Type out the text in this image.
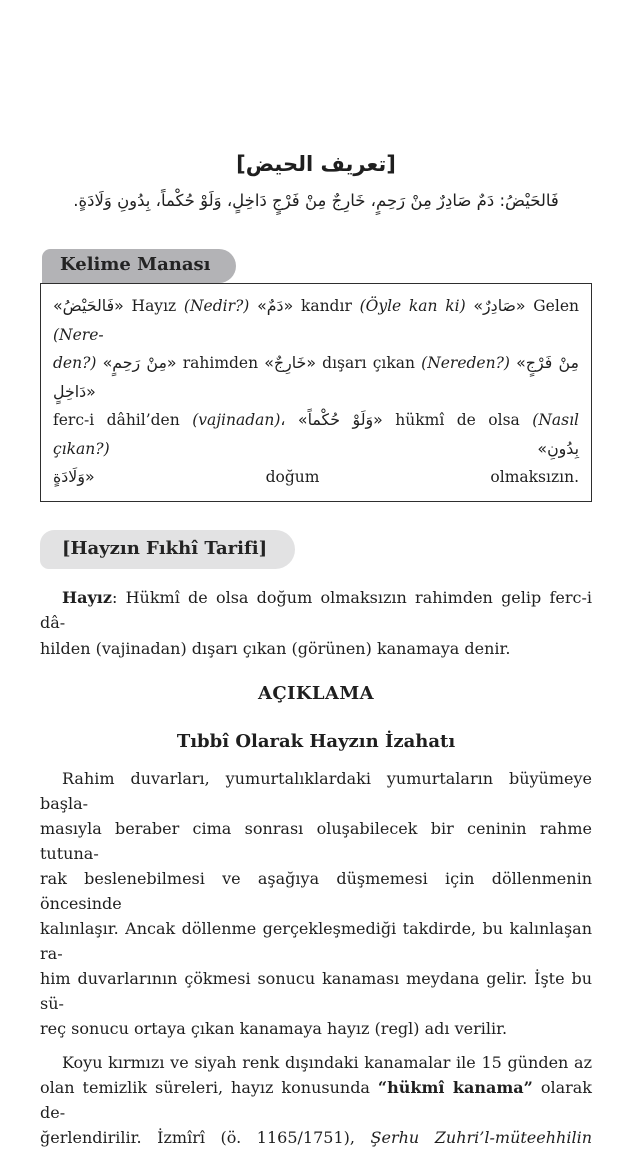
[تعريف الحيض]
فَالحَيْضُ: دَمٌ صَادِرٌ مِنْ رَحِمٍ، خَارِجٌ مِنْ فَرْجٍ دَاخِلٍ، وَلَوْ حُكْماً، بِدُونِ وَلَادَةٍ.
Kelime Manası
«فَالحَيْضُ» Hayız (Nedir?) «دَمٌ» kandır (Öyle kan ki) «صَادِرٌ» Gelen (Nere-
den?) «مِنْ رَحِمٍ» rahimden «خَارِجٌ» dışarı çıkan (Nereden?) «مِنْ فَرْجٍ دَاخِلٍ»
ferc-i dâhil’den (vajinadan)، «وَلَوْ حُكْماً» hükmî de olsa (Nasıl çıkan?)	«بِدُونِ
وَلَادَةٍ» doğum olmaksızın.
[Hayzın Fıkhî Tarifi]
Hayız: Hükmî de olsa doğum olmaksızın rahimden gelip ferc-i dâ-
hilden (vajinadan) dışarı çıkan (görünen) kanamaya denir.
AÇIKLAMA
Tıbbî Olarak Hayzın İzahatı
Rahim duvarları, yumurtalıklardaki yumurtaların büyümeye başla-
masıyla beraber cima sonrası oluşabilecek bir ceninin rahme tutuna-
rak beslenebilmesi ve aşağıya düşmemesi için döllenmenin öncesinde
kalınlaşır. Ancak döllenme gerçekleşmediği takdirde, bu kalınlaşan ra-
him duvarlarının çökmesi sonucu kanaması meydana gelir. İşte bu sü-
reç sonucu ortaya çıkan kanamaya hayız (regl) adı verilir.
Koyu kırmızı ve siyah renk dışındaki kanamalar ile 15 günden az
olan temizlik süreleri, hayız konusunda “hükmî kanama” olarak de-
ğerlendirilir. İzmîrî (ö. 1165/1751), Şerhu Zuhri’l-müteehhilin
